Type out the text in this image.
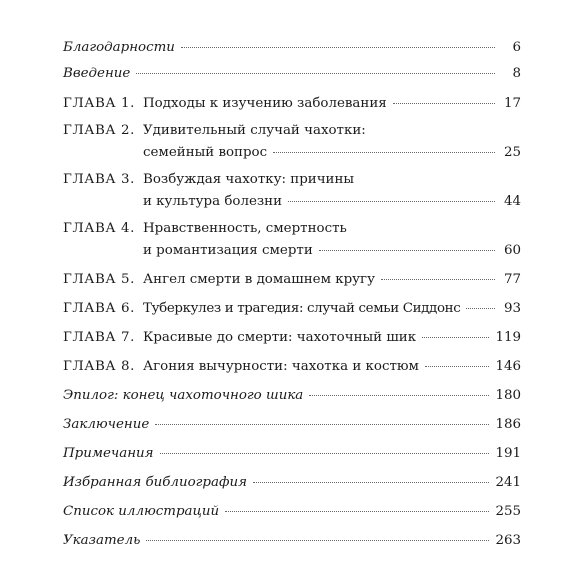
Благодарности	6
Введение	8
ГЛАВА 1. Подходы к изучению заболевания	17
ГЛАВА 2. Удивительный случай чахотки:
семейный вопрос	25
ГЛАВА 3. Возбуждая чахотку: причины
и культура болезни	44
ГЛАВА 4. Нравственность, смертность
и романтизация смерти	60
ГЛАВА 5. Ангел смерти в домашнем кругу	77
ГЛАВА 6. Туберкулез и трагедия: случай семьи Сиддонс	93
ГЛАВА 7. Красивые до смерти: чахоточный шик	119
ГЛАВА 8. Агония вычурности: чахотка и костюм	146
Эпилог: конец чахоточного шика	180
Заключение	186
Примечания	191
Избранная библиография	241
Список иллюстраций	255
Указатель	263
